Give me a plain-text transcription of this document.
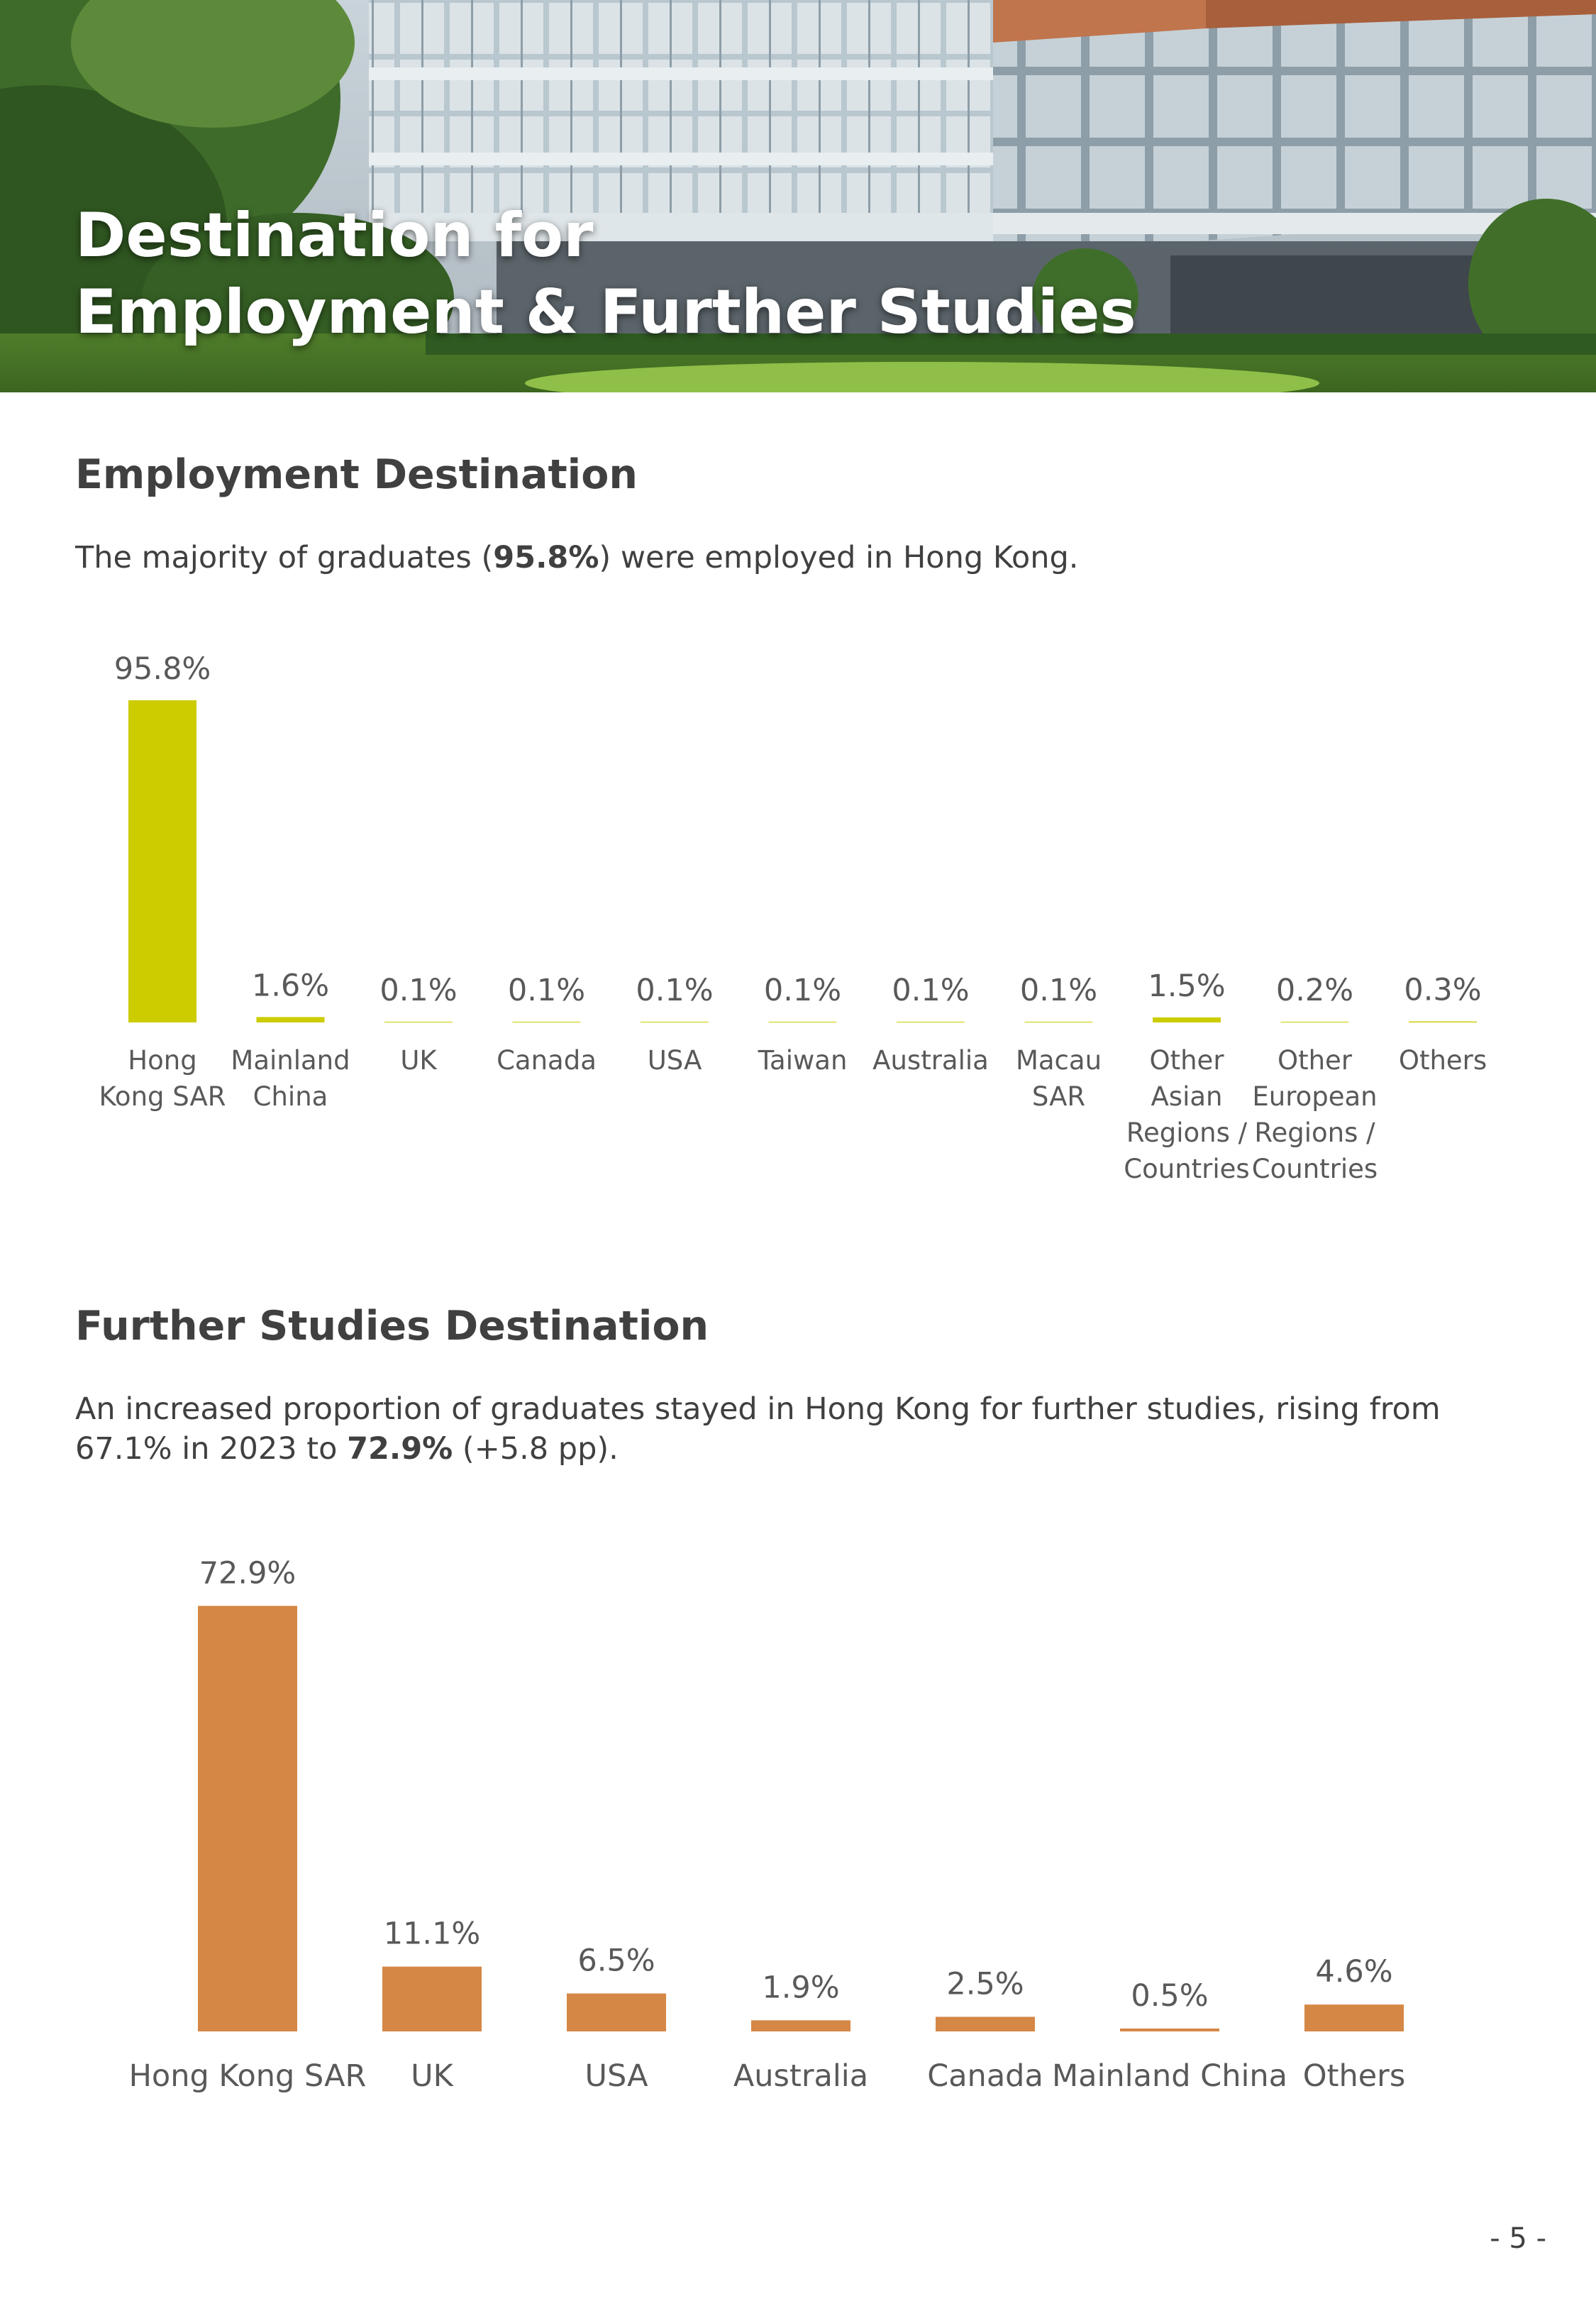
Destination for
Employment & Further Studies
Employment Destination

The majority of graduates (95.8%) were employed in Hong Kong.

95.8%
Hong
Kong SAR
1.6%
Mainland
China
0.1%
UK
0.1%
Canada
0.1%
USA
0.1%
Taiwan
0.1%
Australia
0.1%
Macau
SAR
1.5%
Other
Asian
Regions /
Countries
0.2%
Other
European
Regions /
Countries
0.3%
Others
Further Studies Destination

An increased proportion of graduates stayed in Hong Kong for further studies, rising from 67.1% in 2023 to 72.9% (+5.8 pp).

72.9%
Hong Kong SAR
11.1%
UK
6.5%
USA
1.9%
Australia
2.5%
Canada
0.5%
Mainland China
4.6%
Others
- 5 -
